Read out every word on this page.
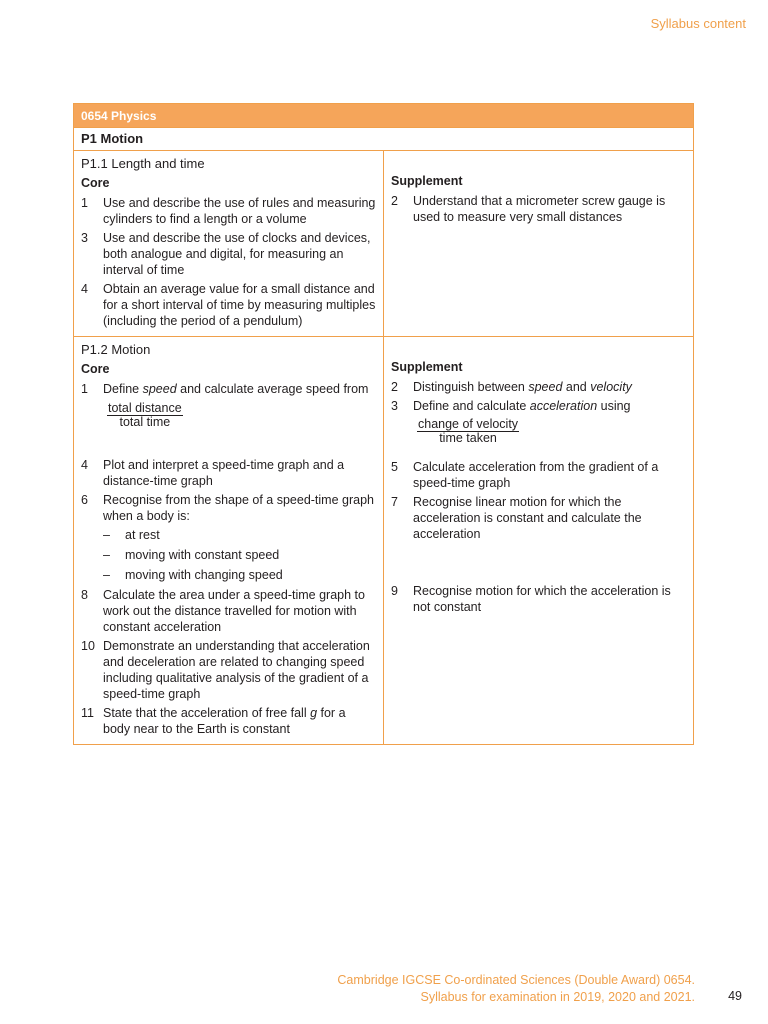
Syllabus content
0654 Physics
P1 Motion
P1.1 Length and time
Core
1	Use and describe the use of rules and measuring cylinders to find a length or a volume
3	Use and describe the use of clocks and devices, both analogue and digital, for measuring an interval of time
4	Obtain an average value for a small distance and for a short interval of time by measuring multiples (including the period of a pendulum)
Supplement
2	Understand that a micrometer screw gauge is used to measure very small distances
P1.2 Motion
Core
1	Define speed and calculate average speed from
$\frac{\text{total distance}}{\text{total time}}$
4	Plot and interpret a speed-time graph and a distance-time graph
6	Recognise from the shape of a speed-time graph when a body is:
–	at rest
–	moving with constant speed
–	moving with changing speed
8	Calculate the area under a speed-time graph to work out the distance travelled for motion with constant acceleration
10 Demonstrate an understanding that acceleration and deceleration are related to changing speed including qualitative analysis of the gradient of a speed-time graph
11 State that the acceleration of free fall g for a body near to the Earth is constant
Supplement
2	Distinguish between speed and velocity
3	Define and calculate acceleration using
$\frac{\text{change of velocity}}{\text{time taken}}$
5	Calculate acceleration from the gradient of a speed-time graph
7	Recognise linear motion for which the acceleration is constant and calculate the acceleration
9	Recognise motion for which the acceleration is not constant
Cambridge IGCSE Co-ordinated Sciences (Double Award) 0654.
Syllabus for examination in 2019, 2020 and 2021.	49
